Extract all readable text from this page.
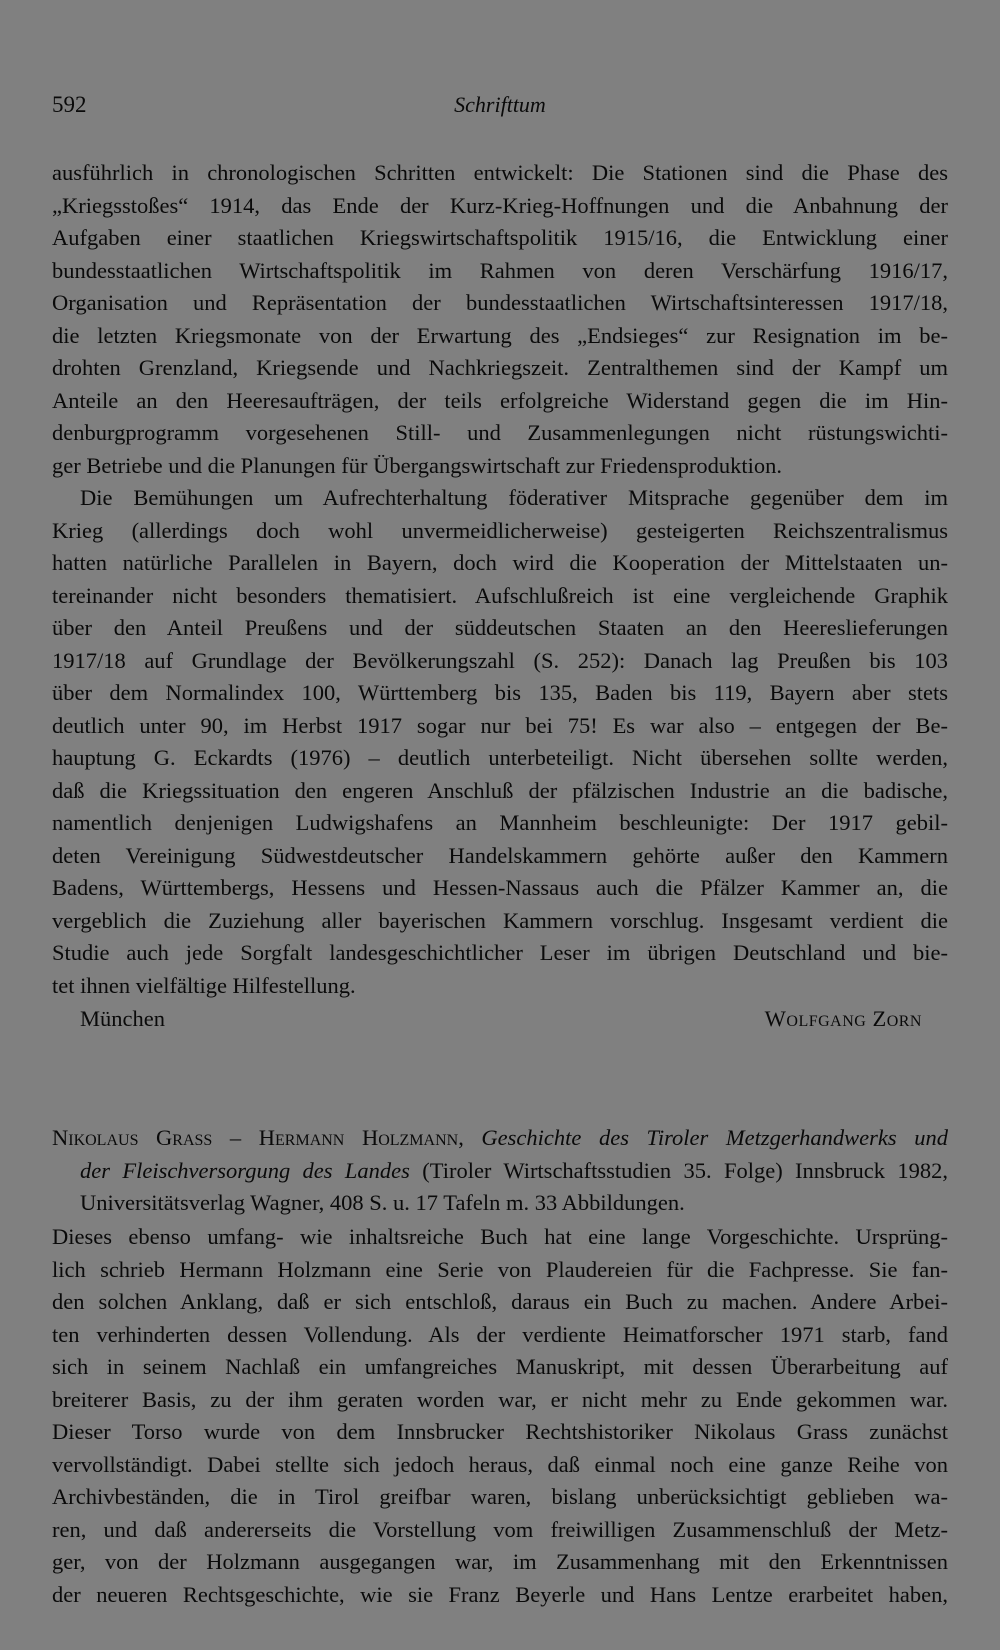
592	Schrifttum
ausführlich in chronologischen Schritten entwickelt: Die Stationen sind die Phase des
„Kriegsstoßes“ 1914, das Ende der Kurz-Krieg-Hoffnungen und die Anbahnung der
Aufgaben einer staatlichen Kriegswirtschaftspolitik 1915/16, die Entwicklung einer
bundesstaatlichen Wirtschaftspolitik im Rahmen von deren Verschärfung 1916/17,
Organisation und Repräsentation der bundesstaatlichen Wirtschaftsinteressen 1917/18,
die letzten Kriegsmonate von der Erwartung des „Endsieges“ zur Resignation im be-
drohten Grenzland, Kriegsende und Nachkriegszeit. Zentralthemen sind der Kampf um
Anteile an den Heeresaufträgen, der teils erfolgreiche Widerstand gegen die im Hin-
denburgprogramm vorgesehenen Still- und Zusammenlegungen nicht rüstungswichti-
ger Betriebe und die Planungen für Übergangswirtschaft zur Friedensproduktion.
Die Bemühungen um Aufrechterhaltung föderativer Mitsprache gegenüber dem im
Krieg (allerdings doch wohl unvermeidlicherweise) gesteigerten Reichszentralismus
hatten natürliche Parallelen in Bayern, doch wird die Kooperation der Mittelstaaten un-
tereinander nicht besonders thematisiert. Aufschlußreich ist eine vergleichende Graphik
über den Anteil Preußens und der süddeutschen Staaten an den Heereslieferungen
1917/18 auf Grundlage der Bevölkerungszahl (S. 252): Danach lag Preußen bis 103
über dem Normalindex 100, Württemberg bis 135, Baden bis 119, Bayern aber stets
deutlich unter 90, im Herbst 1917 sogar nur bei 75! Es war also – entgegen der Be-
hauptung G. Eckardts (1976) – deutlich unterbeteiligt. Nicht übersehen sollte werden,
daß die Kriegssituation den engeren Anschluß der pfälzischen Industrie an die badische,
namentlich denjenigen Ludwigshafens an Mannheim beschleunigte: Der 1917 gebil-
deten Vereinigung Südwestdeutscher Handelskammern gehörte außer den Kammern
Badens, Württembergs, Hessens und Hessen-Nassaus auch die Pfälzer Kammer an, die
vergeblich die Zuziehung aller bayerischen Kammern vorschlug. Insgesamt verdient die
Studie auch jede Sorgfalt landesgeschichtlicher Leser im übrigen Deutschland und bie-
tet ihnen vielfältige Hilfestellung.
München	Wolfgang Zorn
Nikolaus Grass – Hermann Holzmann, Geschichte des Tiroler Metzgerhandwerks und
der Fleischversorgung des Landes (Tiroler Wirtschaftsstudien 35. Folge) Innsbruck 1982,
Universitätsverlag Wagner, 408 S. u. 17 Tafeln m. 33 Abbildungen.
Dieses ebenso umfang- wie inhaltsreiche Buch hat eine lange Vorgeschichte. Ursprüng-
lich schrieb Hermann Holzmann eine Serie von Plaudereien für die Fachpresse. Sie fan-
den solchen Anklang, daß er sich entschloß, daraus ein Buch zu machen. Andere Arbei-
ten verhinderten dessen Vollendung. Als der verdiente Heimatforscher 1971 starb, fand
sich in seinem Nachlaß ein umfangreiches Manuskript, mit dessen Überarbeitung auf
breiterer Basis, zu der ihm geraten worden war, er nicht mehr zu Ende gekommen war.
Dieser Torso wurde von dem Innsbrucker Rechtshistoriker Nikolaus Grass zunächst
vervollständigt. Dabei stellte sich jedoch heraus, daß einmal noch eine ganze Reihe von
Archivbeständen, die in Tirol greifbar waren, bislang unberücksichtigt geblieben wa-
ren, und daß andererseits die Vorstellung vom freiwilligen Zusammenschluß der Metz-
ger, von der Holzmann ausgegangen war, im Zusammenhang mit den Erkenntnissen
der neueren Rechtsgeschichte, wie sie Franz Beyerle und Hans Lentze erarbeitet haben,
